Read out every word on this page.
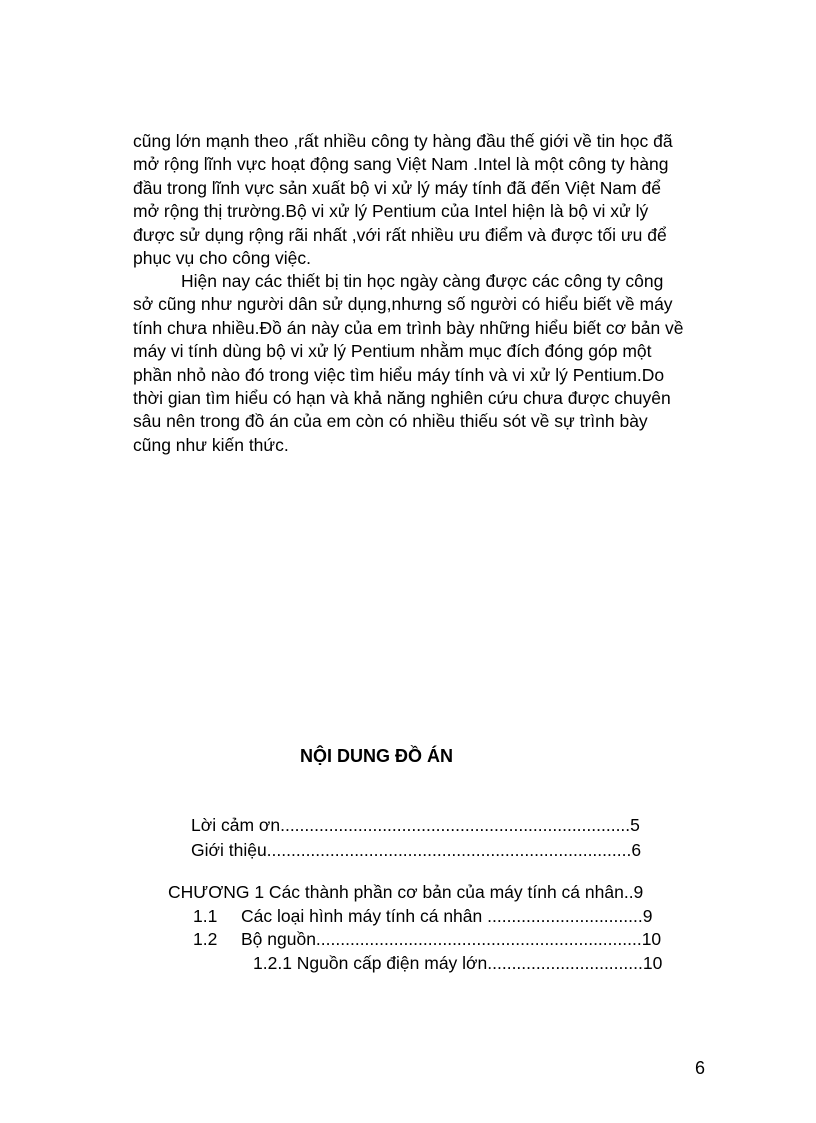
cũng lớn mạnh theo ,rất nhiều công ty hàng đầu thế giới về tin học đã
mở rộng lĩnh vực hoạt động sang Việt Nam .Intel là một công ty hàng
đầu trong lĩnh vực sản xuất bộ vi xử lý máy tính đã đến Việt Nam để
mở rộng thị trường.Bộ vi xử lý Pentium của Intel hiện là bộ vi xử lý
được sử dụng rộng rãi nhất ,với rất nhiều ưu điểm và được tối ưu để
phục vụ cho công việc.
Hiện nay các thiết bị tin học ngày càng được các công ty công
sở cũng như người dân sử dụng,nhưng số người có hiểu biết về máy
tính chưa nhiều.Đồ án này của em trình bày những hiểu biết cơ bản về
máy vi tính dùng bộ vi xử lý Pentium nhằm mục đích đóng góp một
phần nhỏ nào đó trong việc tìm hiểu máy tính và vi xử lý Pentium.Do
thời gian tìm hiểu có hạn và khả năng nghiên cứu chưa được chuyên
sâu nên trong đồ án của em còn có nhiều thiếu sót về sự trình bày
cũng như kiến thức.
NỘI DUNG ĐỒ ÁN
Lời cảm ơn........................................................................5
Giới thiệu...........................................................................6
CHƯƠNG 1 Các thành phần cơ bản của máy tính cá nhân..9
1.1 Các loại hình máy tính cá nhân ................................9
1.2 Bộ nguồn...................................................................10
1.2.1 Nguồn cấp điện máy lớn................................10
6
